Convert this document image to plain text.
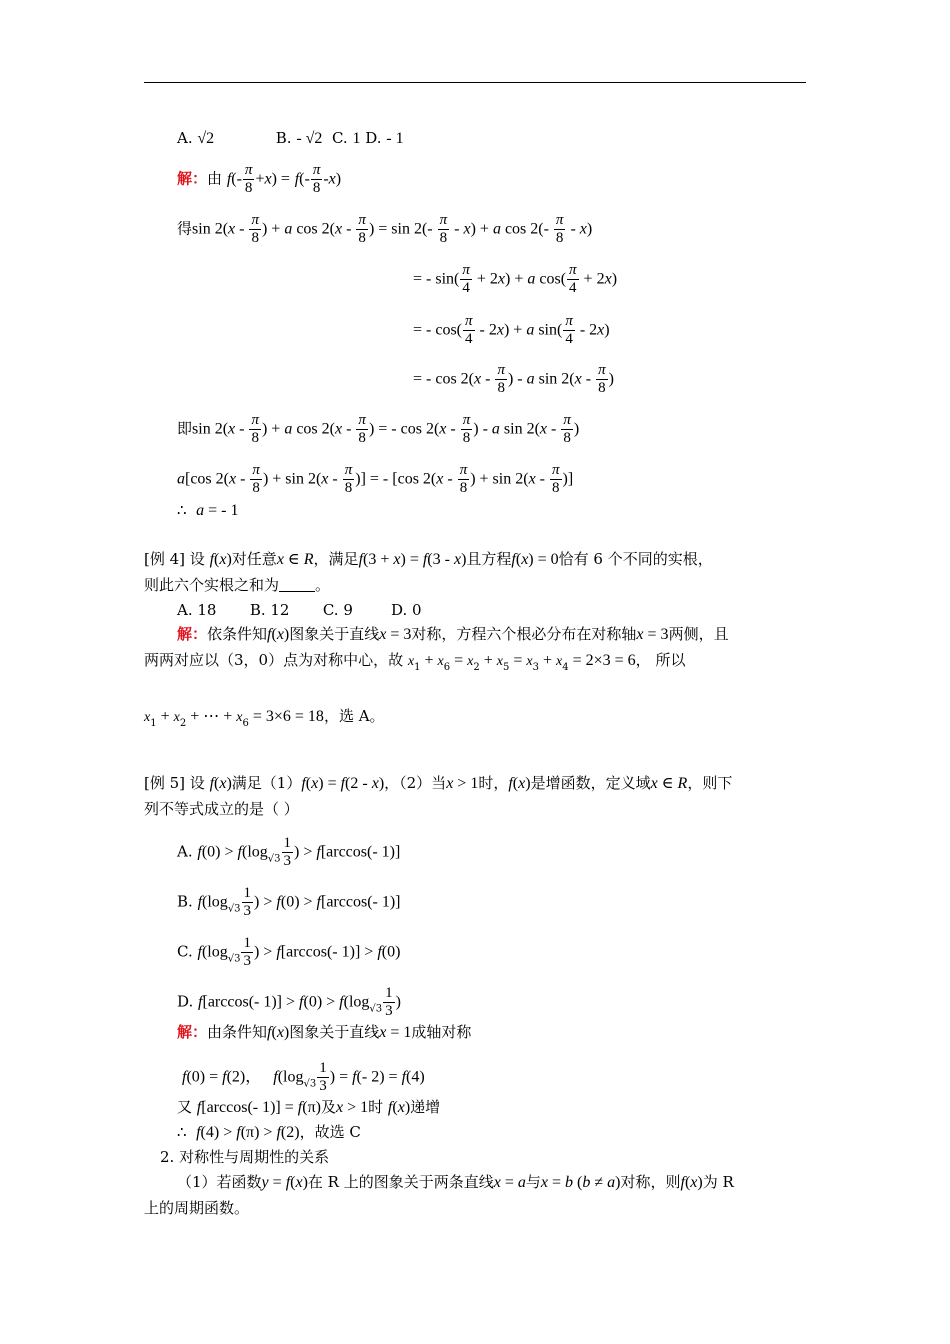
A. √2	B. - √2 C. 1 D. - 1
解：由 $f(- \frac{\pi}{8} +x) = f(- \frac{\pi}{8} -x)$
得$\sin 2(x - \frac{\pi}{8}$ ) + a $\cos 2(x - \frac{\pi}{8}$ ) = $\sin 2(- \frac{\pi}{8} - x) + a$ $\cos 2(- \frac{\pi}{8} - x)$
= - $\sin( \frac{\pi}{4} + 2x) + a$ $\cos( \frac{\pi}{4} + 2x)$
= - $\cos( \frac{\pi}{4} - 2x) + a$ $\sin( \frac{\pi}{4} - 2x)$
= - $\cos 2(x - \frac{\pi}{8}$ ) - a $\sin 2(x - \frac{\pi}{8}$ )
即$\sin 2(x - \frac{\pi}{8}$ ) + a $\cos 2(x - \frac{\pi}{8}$ ) = - $\cos 2(x - \frac{\pi}{8}$ ) - a $\sin 2(x - \frac{\pi}{8}$ )
a[cos $2(x - \frac{\pi}{8}$ ) + $\sin 2(x - \frac{\pi}{8}$ )] = - [cos $2(x - \frac{\pi}{8}$ ) + $\sin 2(x - \frac{\pi}{8}$ )]
∴ a = - 1
[例 4] 设 f(x)对任意x ∈ R，满足f(3 + x) = f(3 - x)且方程f(x) = 0恰有 6 个不同的实根，
则此六个实根之和为 。
A. 18       B. 12       C. 9        D. 0
解：依条件知f(x)图象关于直线x = 3对称，方程六个根必分布在对称轴x = 3两侧，且
两两对应以（3，0）点为对称中心，故 $x_1 + x_6 = x_2 + x_5 = x_3 + x_4 = 2\times 3 = 6$， 所以
$x_1 + x_2$ + ⋯ + $x_6 = 3\times 6 = 18$，选 A。
[例 5] 设 f(x)满足（1）f(x) = f(2 - x)，（2）当x > 1时，f(x)是增函数，定义域x ∈ R，则下
列不等式成立的是（ ）
A. $f(0) > f(\log_{√3} \frac{1}{3}$ ) > f[arccos(- 1)]
B. $f(\log_{√3} \frac{1}{3}$ ) > f(0) > f[arccos(- 1)]
C. $f(\log_{√3} \frac{1}{3}$ ) > f[arccos(- 1)] > f(0)
D. f[arccos(- $1)] > f(0) > f(\log_{√3} \frac{1}{3}$ )
解：由条件知f(x)图象关于直线x = 1成轴对称
f(0) = f(2)，   $f(\log_{√3} \frac{1}{3}$ ) = f(- 2) = f(4)
又 f[arccos(- 1)] = f(π)及x > 1时 f(x)递增
∴ f(4) > f(π) > f(2)，故选 C
2. 对称性与周期性的关系
（1）若函数y = f(x)在 R 上的图象关于两条直线x = a与x = b (b ≠ a)对称，则f(x)为 R
上的周期函数。
